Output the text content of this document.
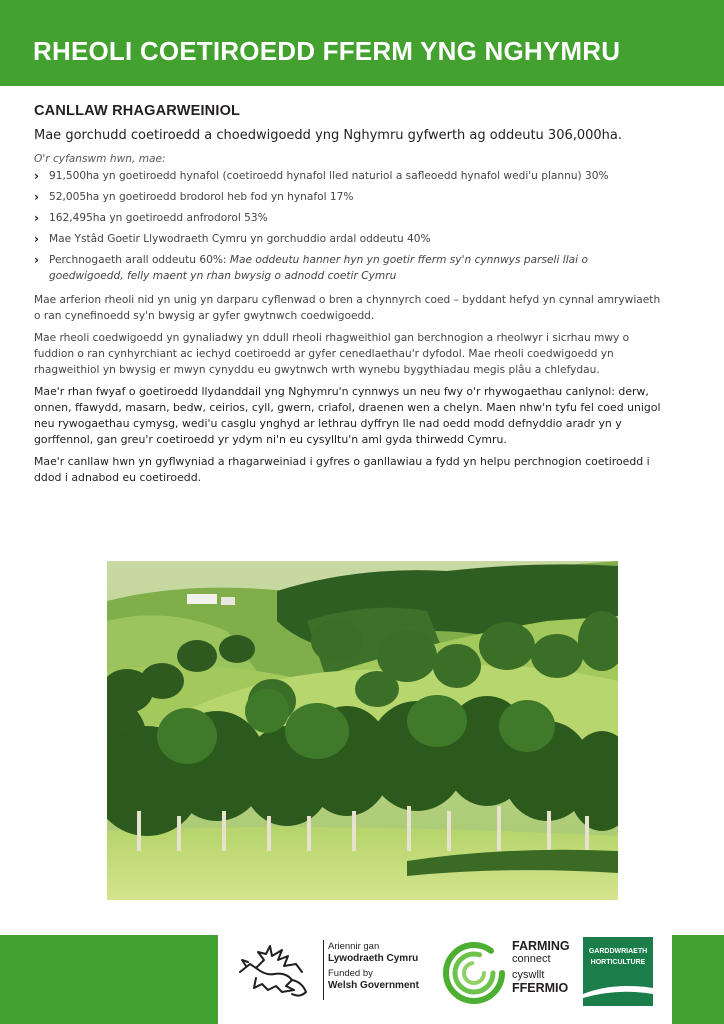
RHEOLI COETIROEDD FFERM YNG NGHYMRU
CANLLAW RHAGARWEINIOL

Mae gorchudd coetiroedd a choedwigoedd yng Nghymru gyfwerth ag oddeutu 306,000ha.

O'r cyfanswm hwn, mae:

› 91,500ha yn goetiroedd hynafol (coetiroedd hynafol lled naturiol a safleoedd hynafol wedi'u plannu) 30%
› 52,005ha yn goetiroedd brodorol heb fod yn hynafol 17%
› 162,495ha yn goetiroedd anfrodorol 53%
› Mae Ystâd Goetir Llywodraeth Cymru yn gorchuddio ardal oddeutu 40%
› Perchnogaeth arall oddeutu 60%: Mae oddeutu hanner hyn yn goetir fferm sy'n cynnwys parseli llai o goedwigoedd, felly maent yn rhan bwysig o adnodd coetir Cymru

Mae arferion rheoli nid yn unig yn darparu cyflenwad o bren a chynnyrch coed – byddant hefyd yn cynnal amrywiaeth o ran cynefinoedd sy'n bwysig ar gyfer gwytnwch coedwigoedd.

Mae rheoli coedwigoedd yn gynaliadwy yn ddull rheoli rhagweithiol gan berchnogion a rheolwyr i sicrhau mwy o fuddion o ran cynhyrchiant ac iechyd coetiroedd ar gyfer cenedlaethau'r dyfodol. Mae rheoli coedwigoedd yn rhagweithiol yn bwysig er mwyn cynyddu eu gwytnwch wrth wynebu bygythiadau megis plâu a chlefydau.

Mae'r rhan fwyaf o goetiroedd llydanddail yng Nghymru'n cynnwys un neu fwy o'r rhywogaethau canlynol: derw, onnen, ffawydd, masarn, bedw, ceirios, cyll, gwern, criafol, draenen wen a chelyn. Maen nhw'n tyfu fel coed unigol neu rywogaethau cymysg, wedi'u casglu ynghyd ar lethrau dyffryn lle nad oedd modd defnyddio aradr yn y gorffennol, gan greu'r coetiroedd yr ydym ni'n eu cysylltu'n aml gyda thirwedd Cymru.

Mae'r canllaw hwn yn gyflwyniad a rhagarweiniad i gyfres o ganllawiau a fydd yn helpu perchnogion coetiroedd i ddod i adnabod eu coetiroedd.

Ariennir gan
Lywodraeth Cymru
Funded by
Welsh Government
FARMING
connect
cyswllt
FFERMIO
GARDDWRIAETH
HORTICULTURE
